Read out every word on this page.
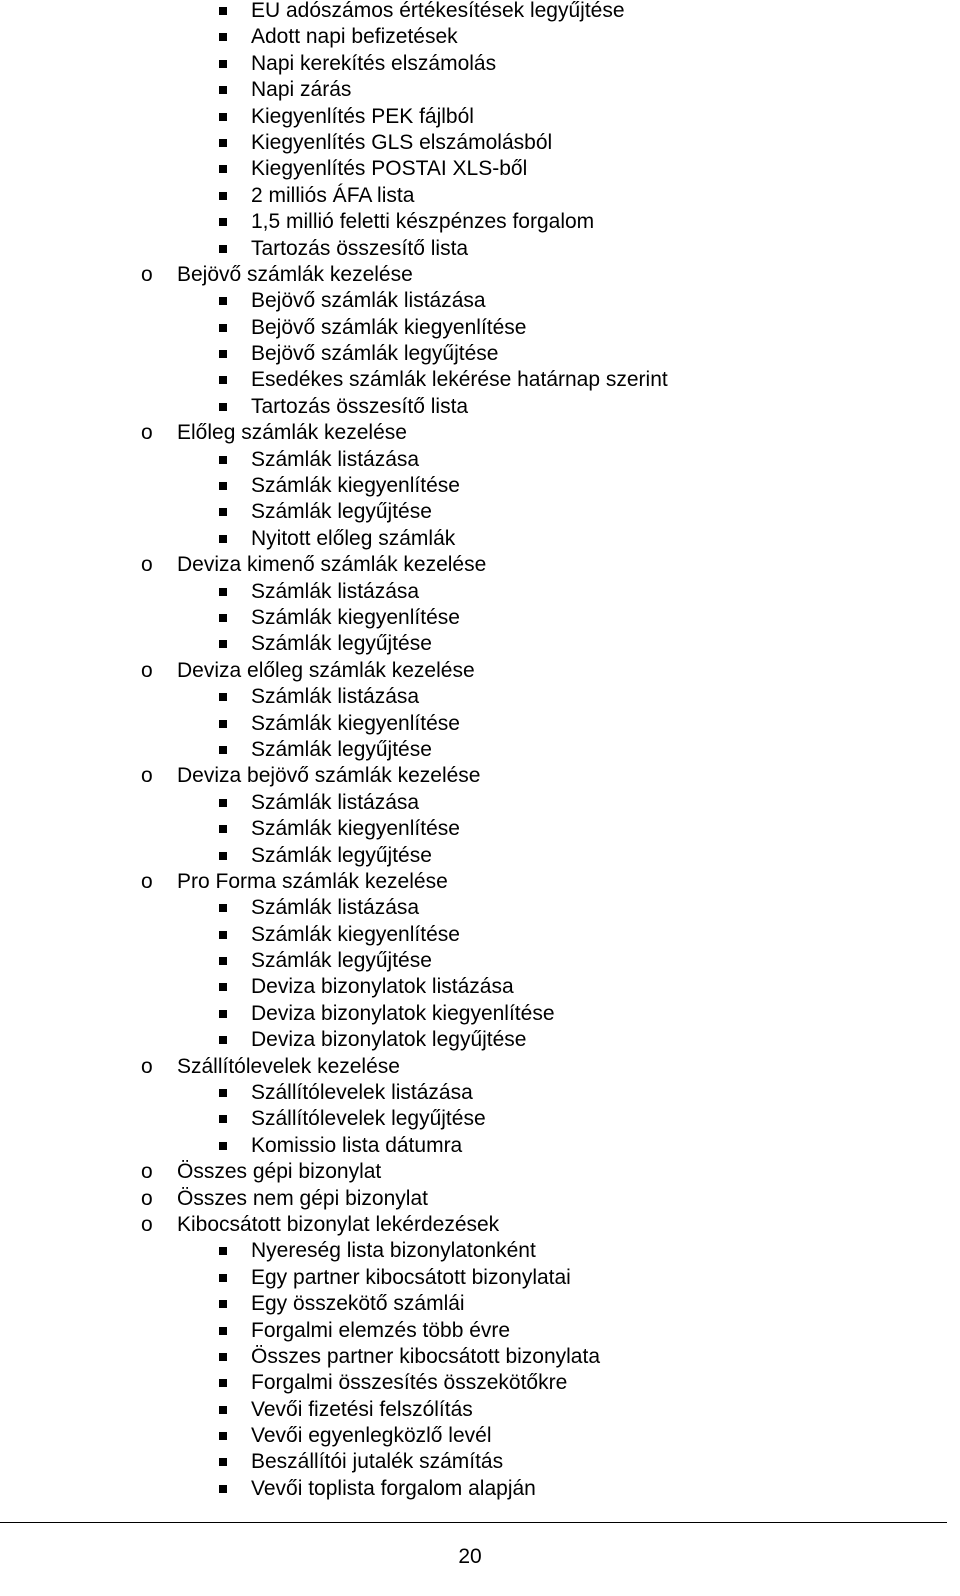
EU adószámos értékesítések legyűjtése
Adott napi befizetések
Napi kerekítés elszámolás
Napi zárás
Kiegyenlítés PEK fájlból
Kiegyenlítés GLS elszámolásból
Kiegyenlítés POSTAI XLS-ből
2 milliós ÁFA lista
1,5 millió feletti készpénzes forgalom
Tartozás összesítő lista
o Bejövő számlák kezelése
Bejövő számlák listázása
Bejövő számlák kiegyenlítése
Bejövő számlák legyűjtése
Esedékes számlák lekérése határnap szerint
Tartozás összesítő lista
o Előleg számlák kezelése
Számlák listázása
Számlák kiegyenlítése
Számlák legyűjtése
Nyitott előleg számlák
o Deviza kimenő számlák kezelése
Számlák listázása
Számlák kiegyenlítése
Számlák legyűjtése
o Deviza előleg számlák kezelése
Számlák listázása
Számlák kiegyenlítése
Számlák legyűjtése
o Deviza bejövő számlák kezelése
Számlák listázása
Számlák kiegyenlítése
Számlák legyűjtése
o Pro Forma számlák kezelése
Számlák listázása
Számlák kiegyenlítése
Számlák legyűjtése
Deviza bizonylatok listázása
Deviza bizonylatok kiegyenlítése
Deviza bizonylatok legyűjtése
o Szállítólevelek kezelése
Szállítólevelek listázása
Szállítólevelek legyűjtése
Komissio lista dátumra
o Összes gépi bizonylat
o Összes nem gépi bizonylat
o Kibocsátott bizonylat lekérdezések
Nyereség lista bizonylatonként
Egy partner kibocsátott bizonylatai
Egy összekötő számlái
Forgalmi elemzés több évre
Összes partner kibocsátott bizonylata
Forgalmi összesítés összekötőkre
Vevői fizetési felszólítás
Vevői egyenlegközlő levél
Beszállítói jutalék számítás
Vevői toplista forgalom alapján
20
